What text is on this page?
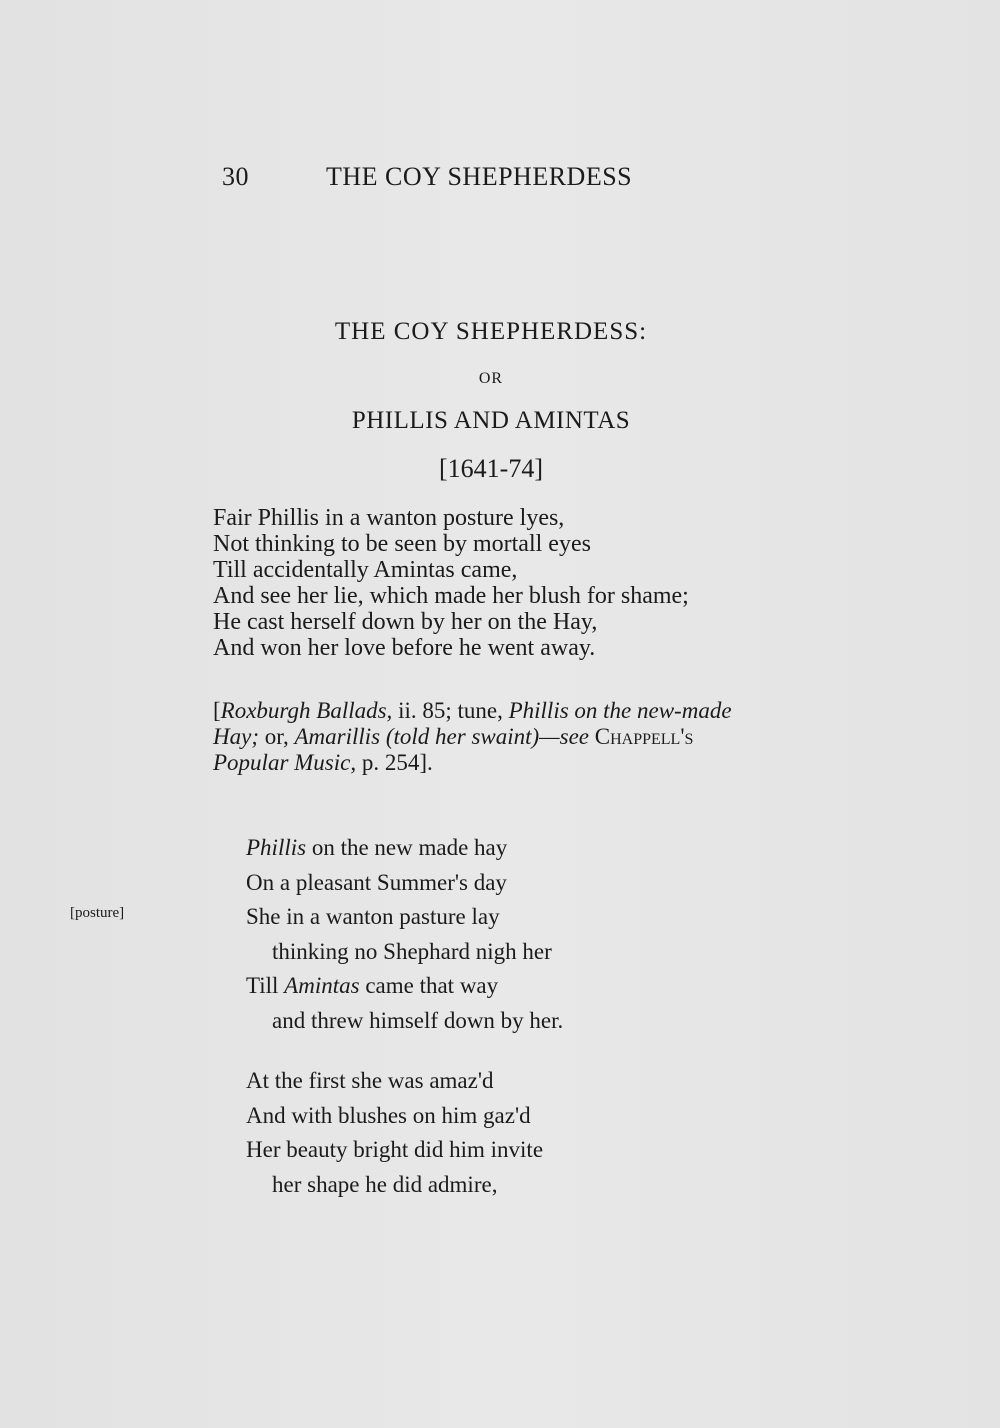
30	THE COY SHEPHERDESS
THE COY SHEPHERDESS:
OR
PHILLIS AND AMINTAS
[1641-74]
Fair Phillis in a wanton posture lyes,
Not thinking to be seen by mortall eyes
Till accidentally Amintas came,
And see her lie, which made her blush for shame;
He cast herself down by her on the Hay,
And won her love before he went away.
[Roxburgh Ballads, ii. 85; tune, Phillis on the new-made Hay; or, Amarillis (told her swaint)—see Chappell's Popular Music, p. 254].
[posture]
Phillis on the new made hay
On a pleasant Summer's day
She in a wanton pasture lay
thinking no Shephard nigh her
Till Amintas came that way
and threw himself down by her.
At the first she was amaz'd
And with blushes on him gaz'd
Her beauty bright did him invite
her shape he did admire,
